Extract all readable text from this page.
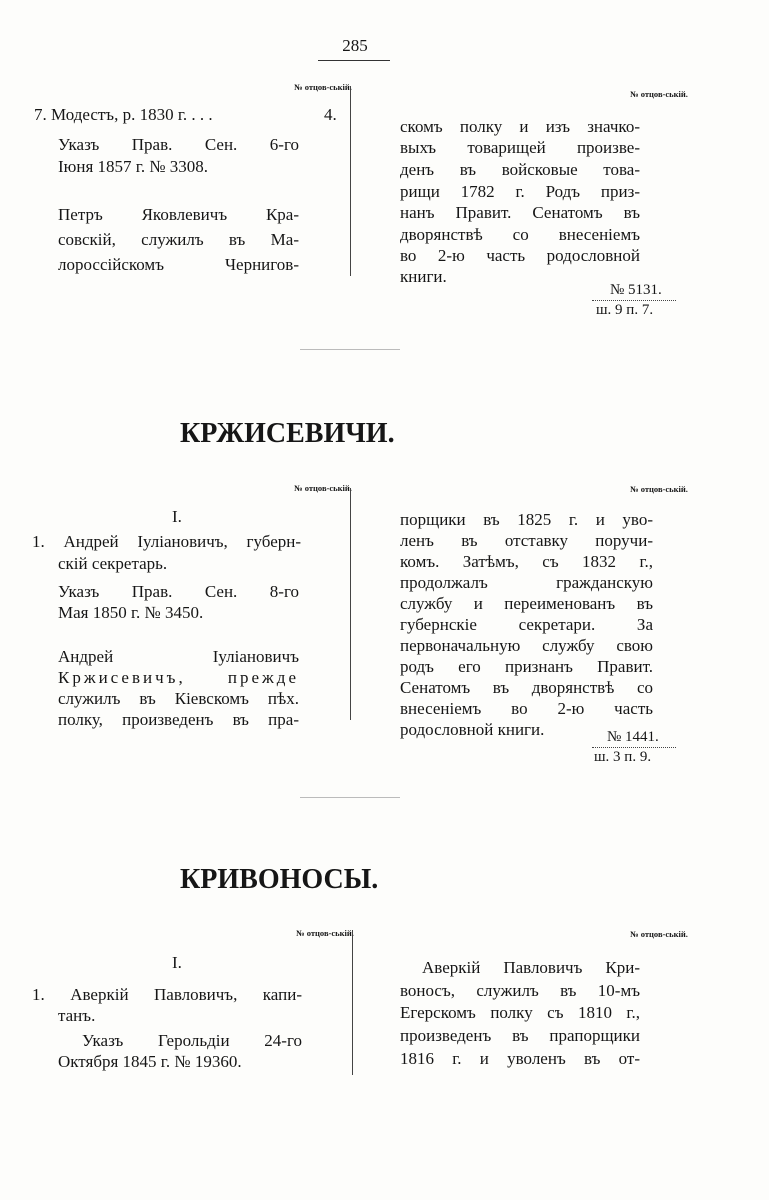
285
№ отцов-ській.
№ отцов-ській.
7. Модестъ, р. 1830 г. . . .	4.
Указъ Прав. Сен. 6-го
Іюня 1857 г. № 3308.
Петръ Яковлевичъ Кра-
совскій, служилъ въ Ма-
лороссійскомъ Чернигов-
скомъ полку и изъ значко-
выхъ товарищей произве-
денъ въ войсковые това-
рищи 1782 г. Родъ приз-
нанъ Правит. Сенатомъ въ
дворянствѣ со внесеніемъ
во 2-ю часть родословной
книги.
№ 5131.
ш. 9 п. 7.
КРЖИСЕВИЧИ.
№ отцов-ській.	№ отцов-ській.
I.
1. Андрей Іуліановичъ, губерн-
скій секретарь.
Указъ Прав. Сен. 8-го
Мая 1850 г. № 3450.
Андрей Іуліановичъ
Кржисевичъ, прежде
служилъ въ Кіевскомъ пѣх.
полку, произведенъ въ пра-
порщики въ 1825 г. и уво-
ленъ въ отставку поручи-
комъ. Затѣмъ, съ 1832 г.,
продолжалъ гражданскую
службу и переименованъ въ
губернскіе секретари. За
первоначальную службу свою
родъ его признанъ Правит.
Сенатомъ въ дворянствѣ со
внесеніемъ во 2-ю часть
родословной книги.	№ 1441.
ш. 3 п. 9.
КРИВОНОСЫ.
№ отцов-ській.	№ отцов-ській.
I.
1. Аверкій Павловичъ, капи-
танъ.
Указъ Герольдіи 24-го
Октября 1845 г. № 19360.
Аверкій Павловичъ Кри-
воносъ, служилъ въ 10-мъ
Егерскомъ полку съ 1810 г.,
произведенъ въ прапорщики
1816 г. и уволенъ въ от-
